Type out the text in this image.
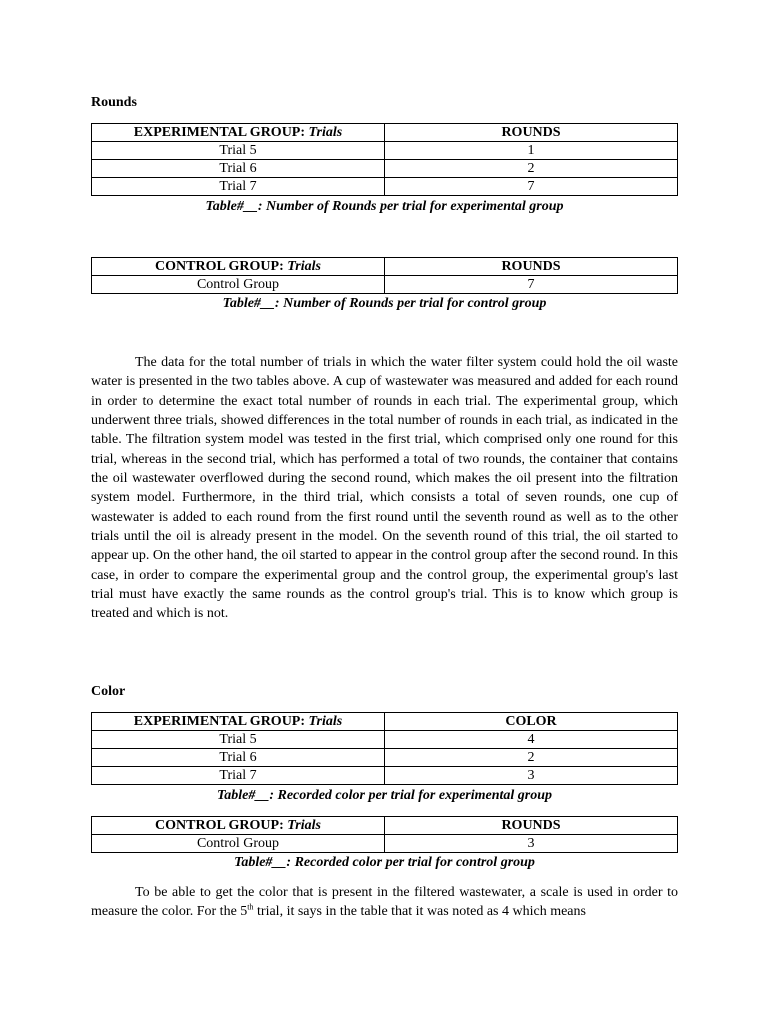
Rounds
EXPERIMENTAL GROUP: Trials	ROUNDS
Trial 5	1
Trial 6	2
Trial 7	7
Table#__: Number of Rounds per trial for experimental group
CONTROL GROUP: Trials	ROUNDS
Control Group	7
Table#__: Number of Rounds per trial for control group
The data for the total number of trials in which the water filter system could hold the oil waste water is presented in the two tables above. A cup of wastewater was measured and added for each round in order to determine the exact total number of rounds in each trial. The experimental group, which underwent three trials, showed differences in the total number of rounds in each trial, as indicated in the table. The filtration system model was tested in the first trial, which comprised only one round for this trial, whereas in the second trial, which has performed a total of two rounds, the container that contains the oil wastewater overflowed during the second round, which makes the oil present into the filtration system model. Furthermore, in the third trial, which consists a total of seven rounds, one cup of wastewater is added to each round from the first round until the seventh round as well as to the other trials until the oil is already present in the model. On the seventh round of this trial, the oil started to appear up. On the other hand, the oil started to appear in the control group after the second round. In this case, in order to compare the experimental group and the control group, the experimental group's last trial must have exactly the same rounds as the control group's trial. This is to know which group is treated and which is not.
Color
EXPERIMENTAL GROUP: Trials	COLOR
Trial 5	4
Trial 6	2
Trial 7	3
Table#__: Recorded color per trial for experimental group
CONTROL GROUP: Trials	ROUNDS
Control Group	3
Table#__: Recorded color per trial for control group
To be able to get the color that is present in the filtered wastewater, a scale is used in order to measure the color. For the 5th trial, it says in the table that it was noted as 4 which means
